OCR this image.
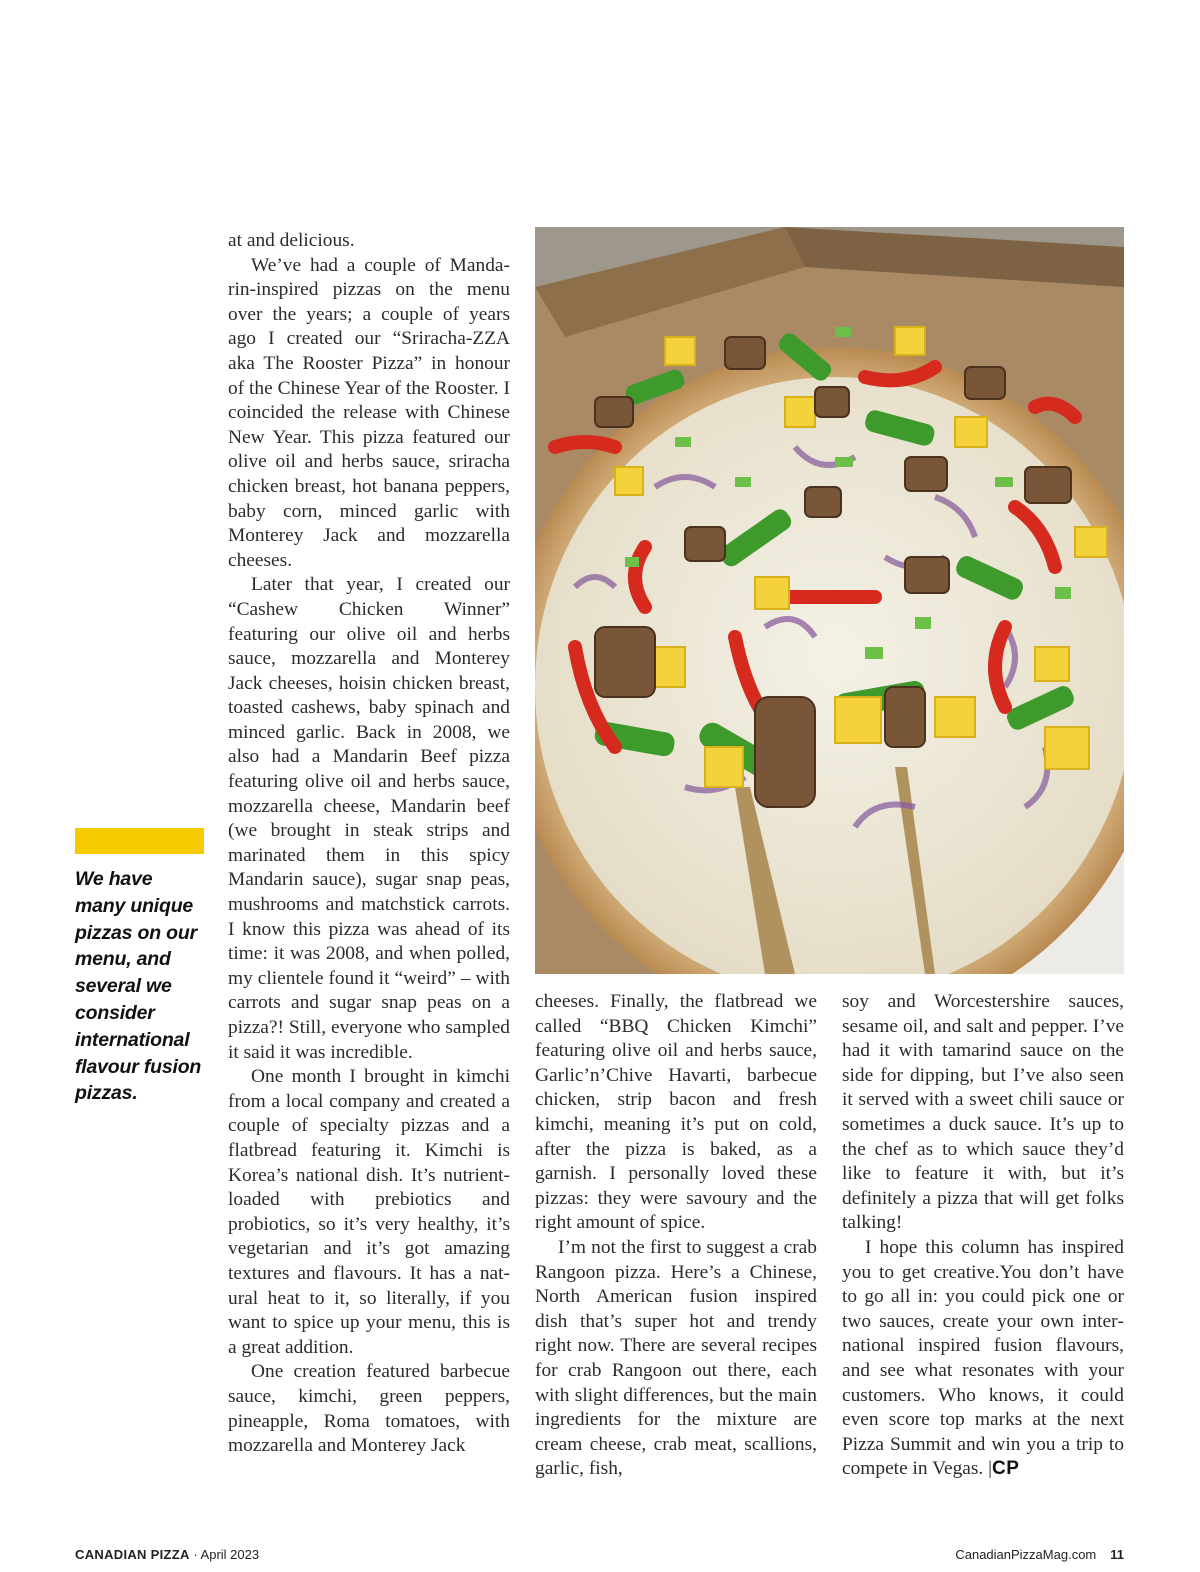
at and delicious.

We’ve had a couple of Mandarin-inspired pizzas on the menu over the years; a couple of years ago I created our “Sriracha-ZZA aka The Rooster Pizza” in honour of the Chinese Year of the Rooster. I coincided the release with Chinese New Year. This pizza featured our olive oil and herbs sauce, sriracha chicken breast, hot banana peppers, baby corn, minced garlic with Monterey Jack and mozzarella cheeses.

Later that year, I created our “Cashew Chicken Winner” featuring our olive oil and herbs sauce, mozzarella and Monterey Jack cheeses, hoisin chicken breast, toasted cashews, baby spinach and minced garlic. Back in 2008, we also had a Mandarin Beef pizza featuring olive oil and herbs sauce, mozzarella cheese, Mandarin beef (we brought in steak strips and marinated them in this spicy Mandarin sauce), sugar snap peas, mushrooms and matchstick carrots. I know this pizza was ahead of its time: it was 2008, and when polled, my clientele found it “weird” – with carrots and sugar snap peas on a pizza?! Still, everyone who sampled it said it was incredible.

One month I brought in kimchi from a local company and created a couple of specialty pizzas and a flatbread featuring it. Kimchi is Korea’s national dish. It’s nutrient-loaded with prebiotics and probiotics, so it’s very healthy, it’s vegetarian and it’s got amazing textures and flavours. It has a natural heat to it, so literally, if you want to spice up your menu, this is a great addition.

One creation featured barbecue sauce, kimchi, green peppers, pineapple, Roma tomatoes, with mozzarella and Monterey Jack

We have many unique pizzas on our menu, and several we consider international flavour fusion pizzas.

cheeses. Finally, the flatbread we called “BBQ Chicken Kimchi” featuring olive oil and herbs sauce, Garlic’n’Chive Havarti, barbecue chicken, strip bacon and fresh kimchi, meaning it’s put on cold, after the pizza is baked, as a garnish. I personally loved these pizzas: they were savoury and the right amount of spice.

I’m not the first to suggest a crab Rangoon pizza. Here’s a Chinese, North American fusion inspired dish that’s super hot and trendy right now. There are several recipes for crab Rangoon out there, each with slight differences, but the main ingredients for the mixture are cream cheese, crab meat, scallions, garlic, fish,

soy and Worcestershire sauces, sesame oil, and salt and pepper. I’ve had it with tamarind sauce on the side for dipping, but I’ve also seen it served with a sweet chili sauce or sometimes a duck sauce. It’s up to the chef as to which sauce they’d like to feature it with, but it’s definitely a pizza that will get folks talking!

I hope this column has inspired you to get creative.You don’t have to go all in: you could pick one or two sauces, create your own international inspired fusion flavours, and see what resonates with your customers. Who knows, it could even score top marks at the next Pizza Summit and win you a trip to compete in Vegas. |CP

CANADIAN PIZZA · April 2023	CanadianPizzaMag.com 11
